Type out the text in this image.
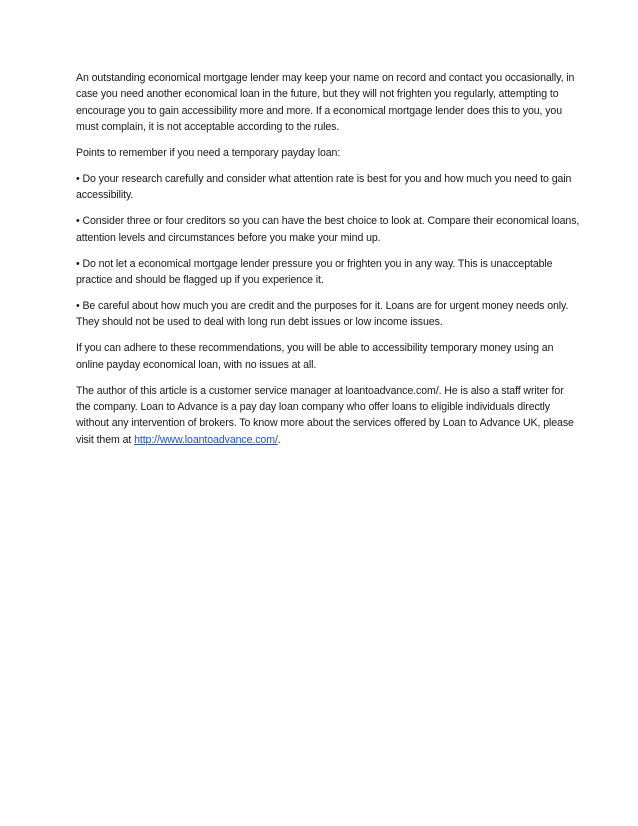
An outstanding economical mortgage lender may keep your name on record and contact you occasionally, in case you need another economical loan in the future, but they will not frighten you regularly, attempting to encourage you to gain accessibility more and more. If a economical mortgage lender does this to you, you must complain, it is not acceptable according to the rules.

Points to remember if you need a temporary payday loan:

• Do your research carefully and consider what attention rate is best for you and how much you need to gain accessibility.

• Consider three or four creditors so you can have the best choice to look at. Compare their economical loans, attention levels and circumstances before you make your mind up.

• Do not let a economical mortgage lender pressure you or frighten you in any way. This is unacceptable practice and should be flagged up if you experience it.

• Be careful about how much you are credit and the purposes for it. Loans are for urgent money needs only. They should not be used to deal with long run debt issues or low income issues.

If you can adhere to these recommendations, you will be able to accessibility temporary money using an online payday economical loan, with no issues at all.

The author of this article is a customer service manager at loantoadvance.com/. He is also a staff writer for the company. Loan to Advance is a pay day loan company who offer loans to eligible individuals directly without any intervention of brokers. To know more about the services offered by Loan to Advance UK, please visit them at http://www.loantoadvance.com/.
